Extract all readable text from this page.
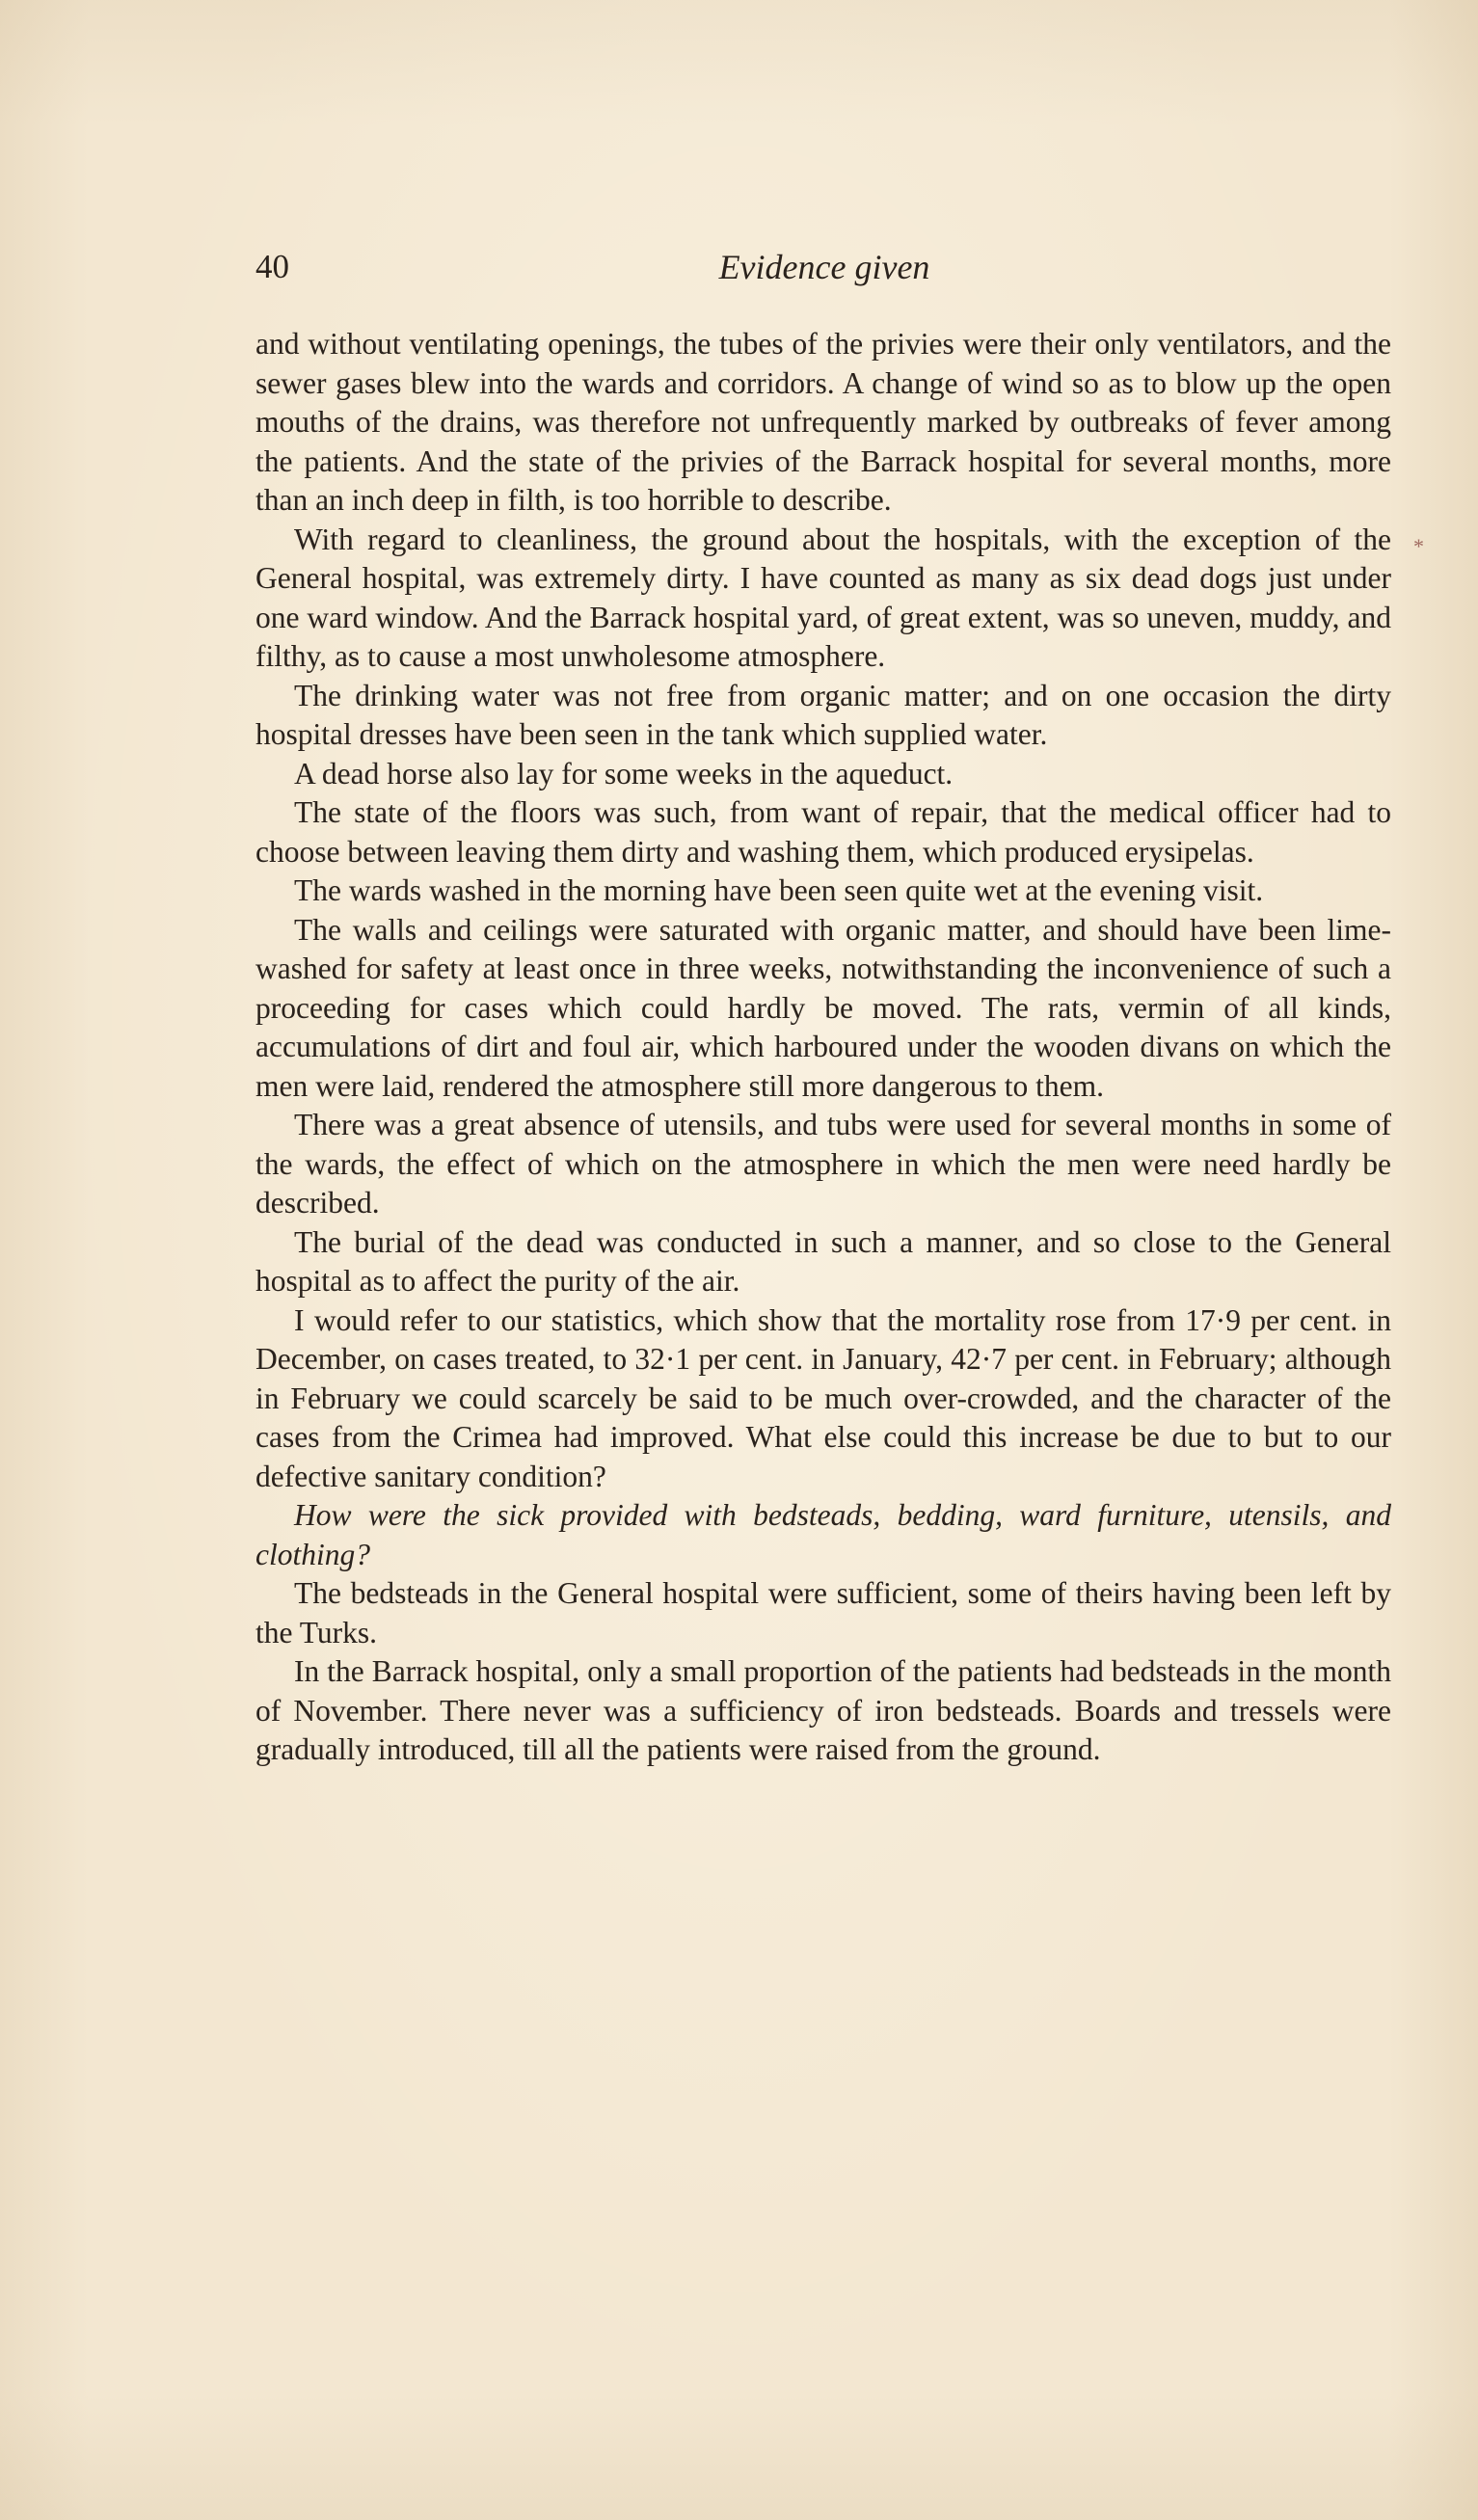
40	Evidence given

and without ventilating openings, the tubes of the privies were their only ventilators, and the sewer gases blew into the wards and corridors. A change of wind so as to blow up the open mouths of the drains, was therefore not unfrequently marked by outbreaks of fever among the patients. And the state of the privies of the Barrack hospital for several months, more than an inch deep in filth, is too horrible to describe.

With regard to cleanliness, the ground about the hospitals, with the exception of the General hospital, was extremely dirty. I have counted as many as six dead dogs just under one ward window. And the Barrack hospital yard, of great extent, was so uneven, muddy, and filthy, as to cause a most unwholesome atmosphere.

The drinking water was not free from organic matter; and on one occasion the dirty hospital dresses have been seen in the tank which supplied water.

A dead horse also lay for some weeks in the aqueduct.

The state of the floors was such, from want of repair, that the medical officer had to choose between leaving them dirty and washing them, which produced erysipelas.

The wards washed in the morning have been seen quite wet at the evening visit.

The walls and ceilings were saturated with organic matter, and should have been lime-washed for safety at least once in three weeks, notwithstanding the inconvenience of such a proceeding for cases which could hardly be moved. The rats, vermin of all kinds, accumulations of dirt and foul air, which harboured under the wooden divans on which the men were laid, rendered the atmosphere still more dangerous to them.

There was a great absence of utensils, and tubs were used for several months in some of the wards, the effect of which on the atmosphere in which the men were need hardly be described.

The burial of the dead was conducted in such a manner, and so close to the General hospital as to affect the purity of the air.

I would refer to our statistics, which show that the mortality rose from 17·9 per cent. in December, on cases treated, to 32·1 per cent. in January, 42·7 per cent. in February; although in February we could scarcely be said to be much over-crowded, and the character of the cases from the Crimea had improved. What else could this increase be due to but to our defective sanitary condition?

How were the sick provided with bedsteads, bedding, ward furniture, utensils, and clothing?

The bedsteads in the General hospital were sufficient, some of theirs having been left by the Turks.

In the Barrack hospital, only a small proportion of the patients had bedsteads in the month of November. There never was a sufficiency of iron bedsteads. Boards and tressels were gradually introduced, till all the patients were raised from the ground.

*
